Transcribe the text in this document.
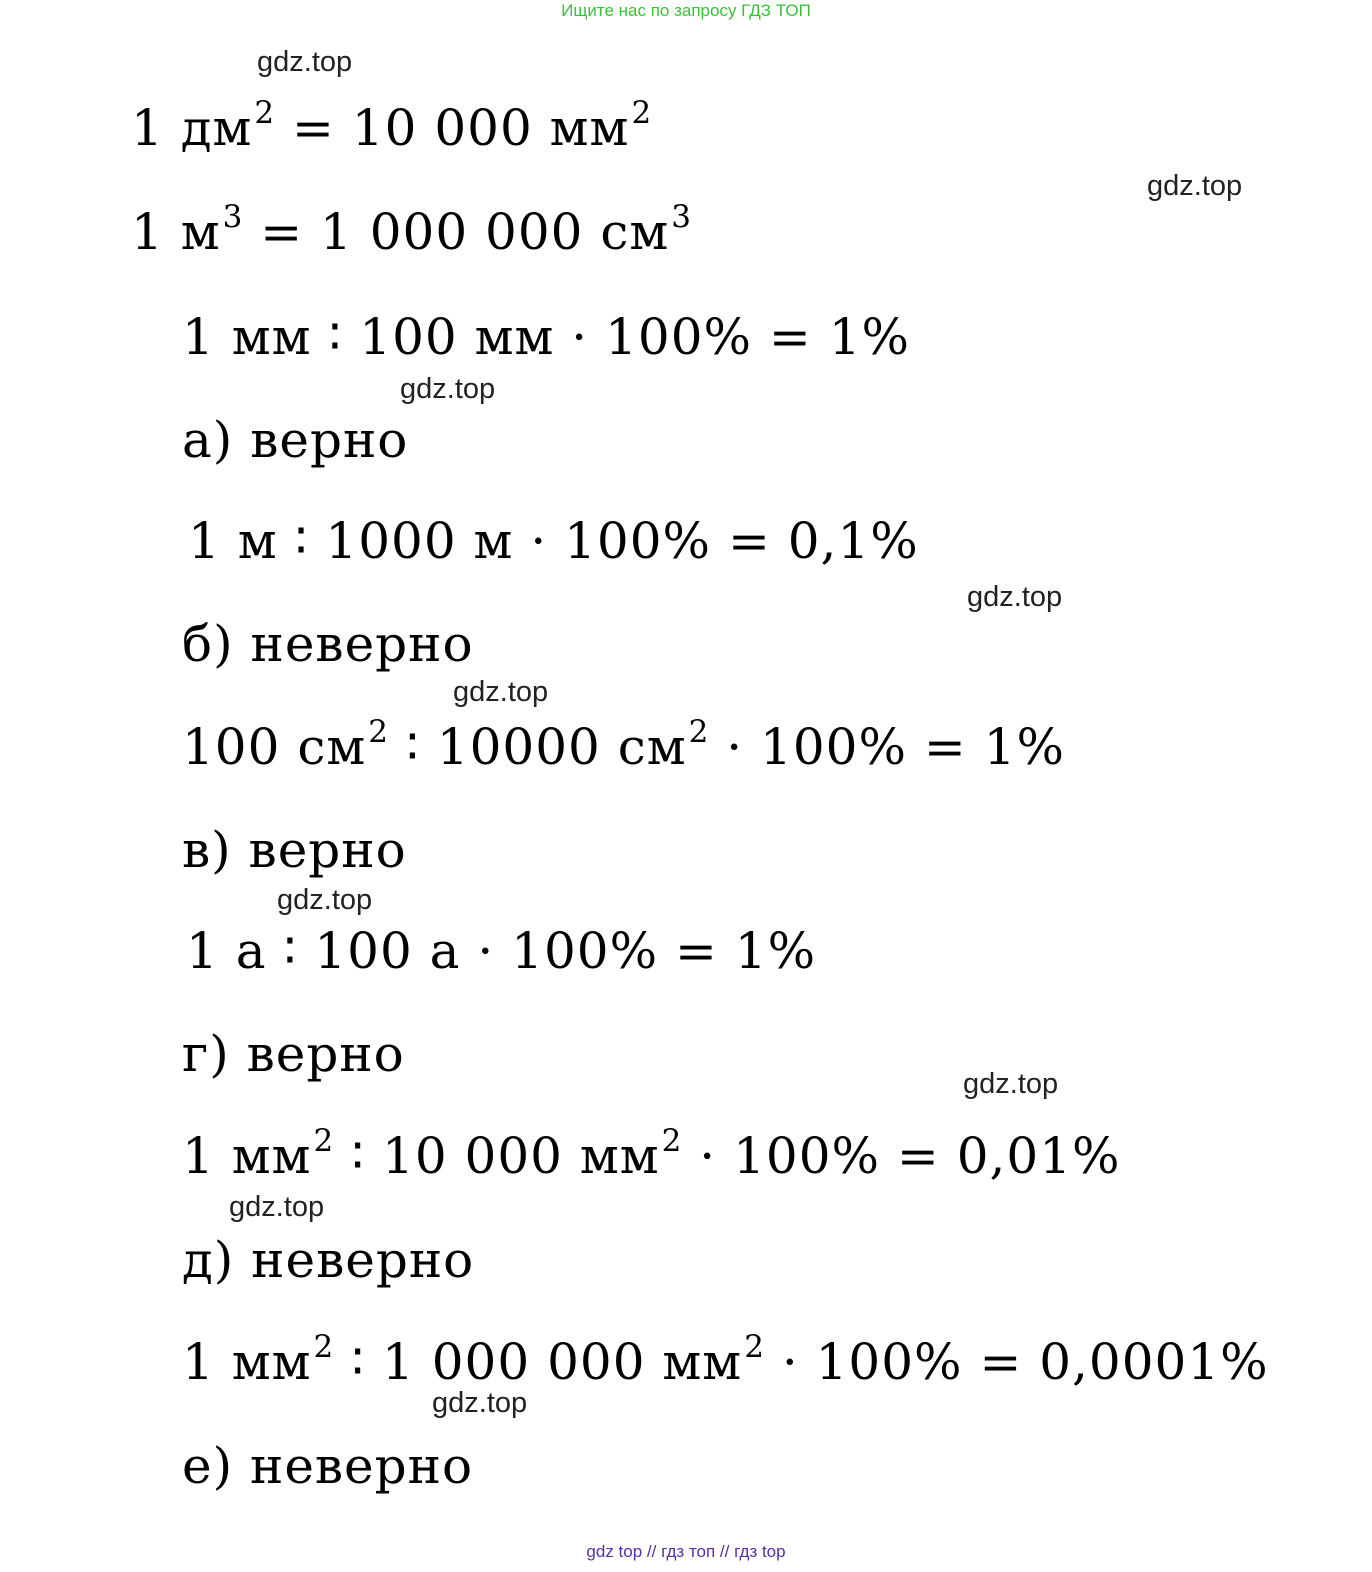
Ищите нас по запросу ГДЗ ТОП
gdz.top
gdz.top
gdz.top
gdz.top
gdz.top
gdz.top
gdz.top
gdz.top
gdz.top
1 $дм^2 = 10$ 000 $мм^2$
1 $м^3 = 1$ 000 000 $см^3$
1 мм ∶ 100 мм · 100% = 1%
а) верно
1 м ∶ 1000 м · 100% = 0,1%
б) неверно
100 $см^2$ ∶ 10000 $см^2 \cdot 100\% = 1\%$
в) верно
1 а ∶ 100 а · 100% = 1%
г) верно
1 $мм^2$ ∶ 10 000 $мм^2 \cdot 100\% = 0,01\%$
д) неверно
1 $мм^2$ ∶ 1 000 000 $мм^2 \cdot 100\% = 0,0001\%$
е) неверно
gdz top // гдз топ // гдз top
